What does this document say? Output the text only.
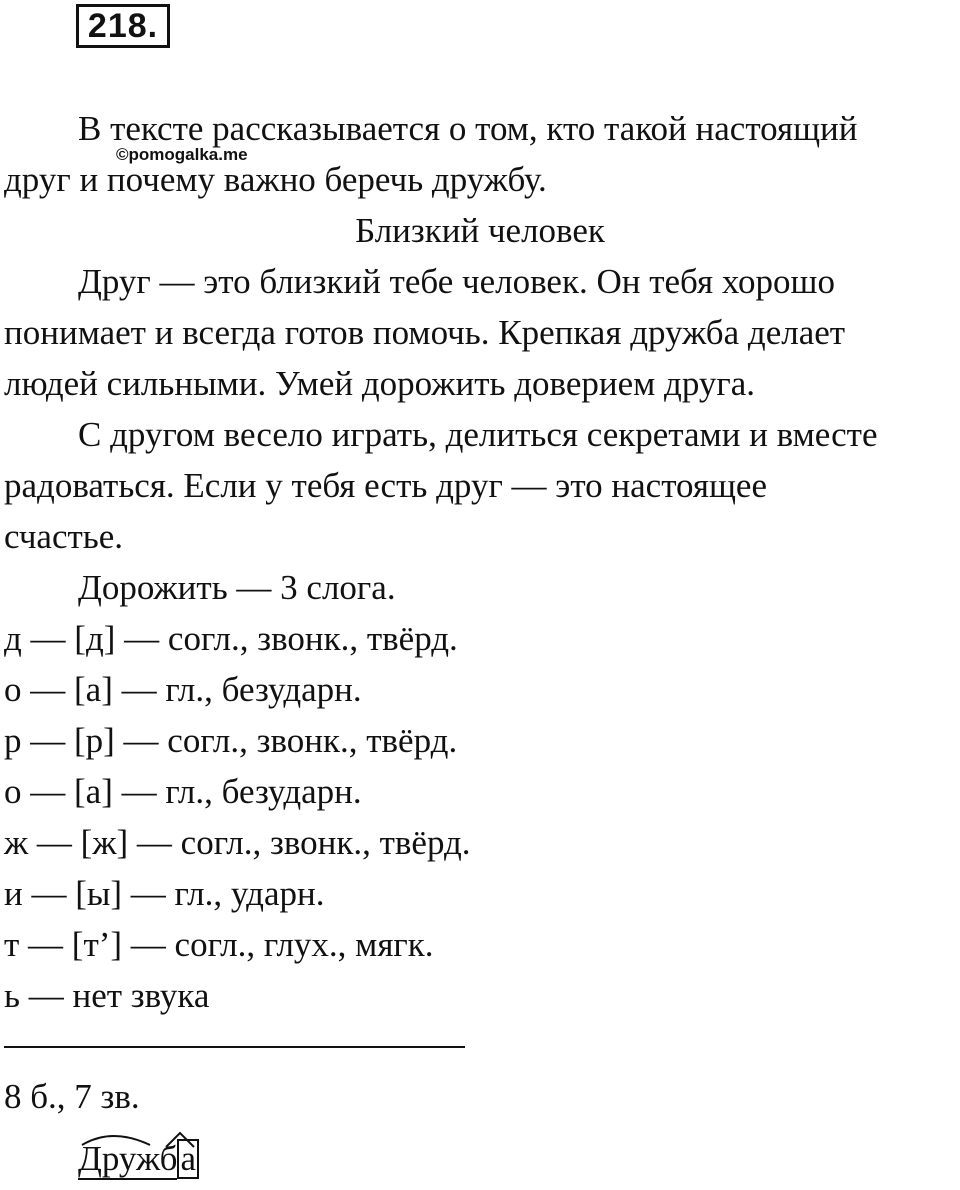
218.
В тексте рассказывается о том, кто такой настоящий
©pomogalka.me
друг и почему важно беречь дружбу.
Близкий человек
Друг — это близкий тебе человек. Он тебя хорошо
понимает и всегда готов помочь. Крепкая дружба делает
людей сильными. Умей дорожить доверием друга.
С другом весело играть, делиться секретами и вместе
радоваться. Если у тебя есть друг — это настоящее
счастье.
Дорожить — 3 слога.
д — [д] — согл., звонк., твёрд.
о — [а] — гл., безударн.
р — [р] — согл., звонк., твёрд.
о — [а] — гл., безударн.
ж — [ж] — согл., звонк., твёрд.
и — [ы] — гл., ударн.
т — [т’] — согл., глух., мягк.
ь — нет звука
8 б., 7 зв.
Дружба
